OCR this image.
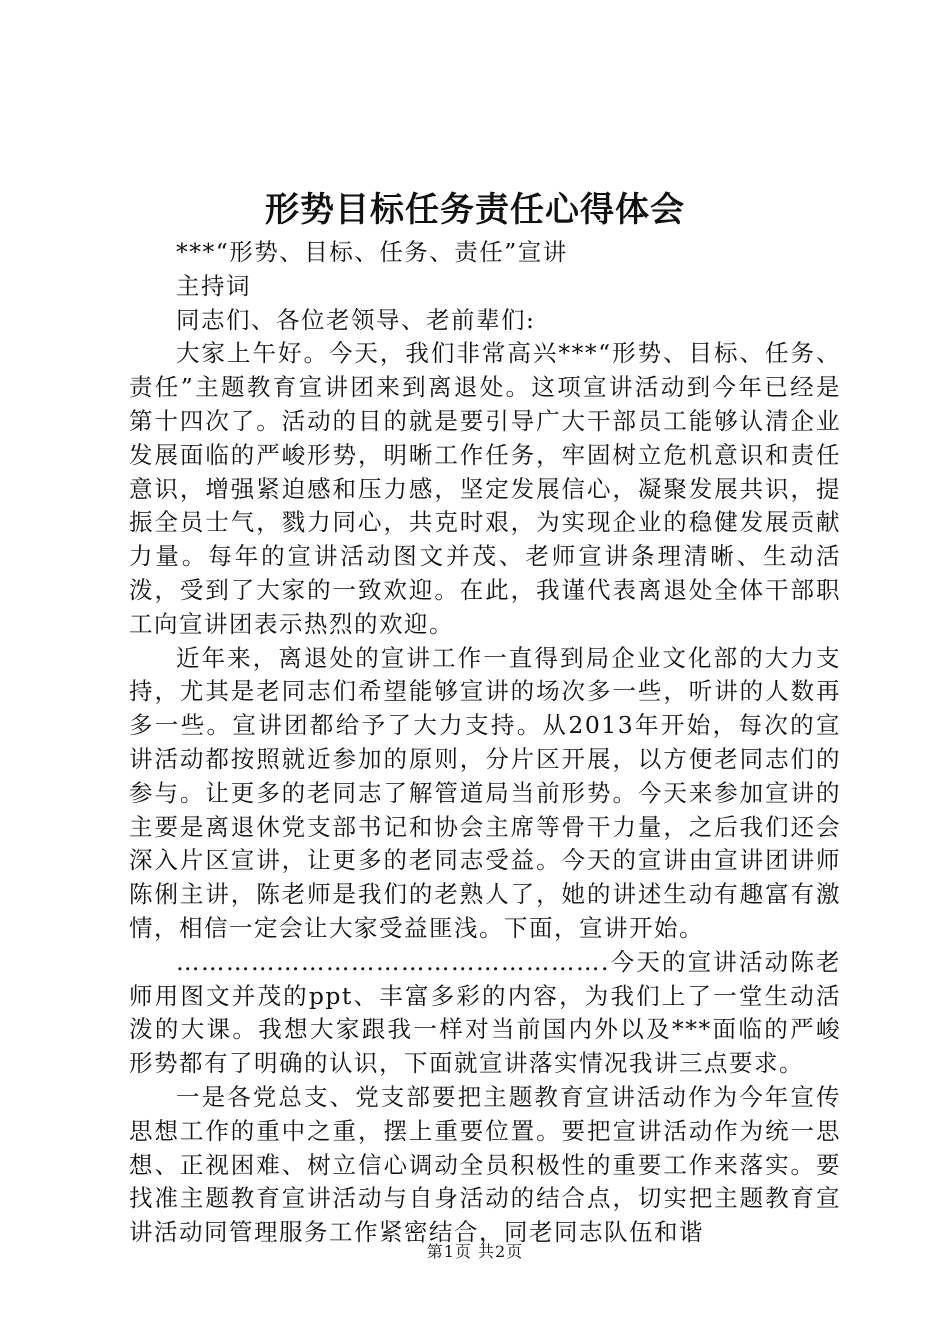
形势目标任务责任心得体会

***“形势、目标、任务、责任”宣讲

主持词

同志们、各位老领导、老前辈们:

大家上午好。今天，我们非常高兴***“形势、目标、任务、责任”主题教育宣讲团来到离退处。这项宣讲活动到今年已经是第十四次了。活动的目的就是要引导广大干部员工能够认清企业发展面临的严峻形势，明晰工作任务，牢固树立危机意识和责任意识，增强紧迫感和压力感，坚定发展信心，凝聚发展共识，提振全员士气，戮力同心，共克时艰，为实现企业的稳健发展贡献力量。每年的宣讲活动图文并茂、老师宣讲条理清晰、生动活泼，受到了大家的一致欢迎。在此，我谨代表离退处全体干部职工向宣讲团表示热烈的欢迎。

近年来，离退处的宣讲工作一直得到局企业文化部的大力支持，尤其是老同志们希望能够宣讲的场次多一些，听讲的人数再多一些。宣讲团都给予了大力支持。从2013年开始，每次的宣讲活动都按照就近参加的原则，分片区开展，以方便老同志们的参与。让更多的老同志了解管道局当前形势。今天来参加宣讲的主要是离退休党支部书记和协会主席等骨干力量，之后我们还会深入片区宣讲，让更多的老同志受益。今天的宣讲由宣讲团讲师陈俐主讲，陈老师是我们的老熟人了，她的讲述生动有趣富有激情，相信一定会让大家受益匪浅。下面，宣讲开始。

…………………………………………….今天的宣讲活动陈老师用图文并茂的ppt、丰富多彩的内容，为我们上了一堂生动活泼的大课。我想大家跟我一样对当前国内外以及***面临的严峻形势都有了明确的认识，下面就宣讲落实情况我讲三点要求。

一是各党总支、党支部要把主题教育宣讲活动作为今年宣传思想工作的重中之重，摆上重要位置。要把宣讲活动作为统一思想、正视困难、树立信心调动全员积极性的重要工作来落实。要找准主题教育宣讲活动与自身活动的结合点，切实把主题教育宣讲活动同管理服务工作紧密结合，同老同志队伍和谐

第1页 共2页
